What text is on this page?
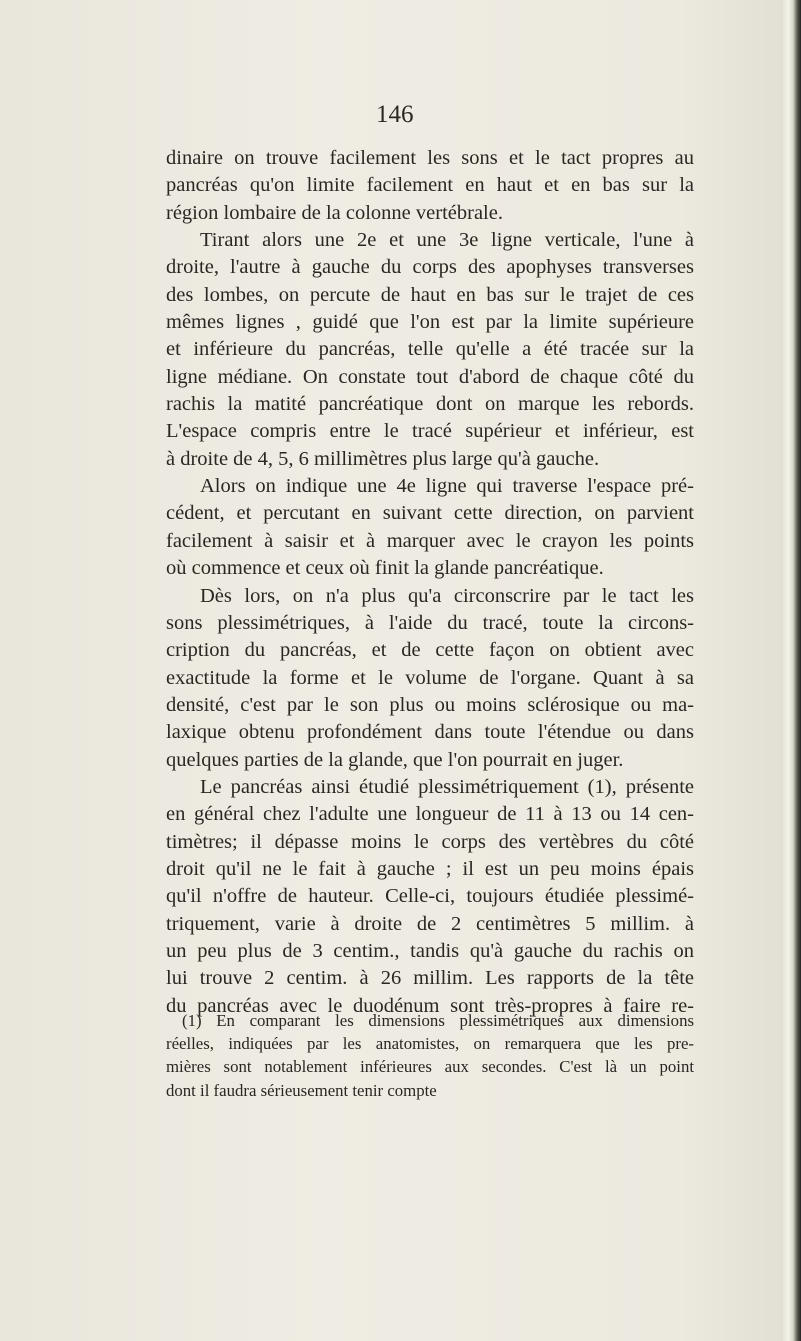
146
dinaire on trouve facilement les sons et le tact propres au
pancréas qu'on limite facilement en haut et en bas sur la
région lombaire de la colonne vertébrale.
Tirant alors une 2e et une 3e ligne verticale, l'une à
droite, l'autre à gauche du corps des apophyses transverses
des lombes, on percute de haut en bas sur le trajet de ces
mêmes lignes , guidé que l'on est par la limite supérieure
et inférieure du pancréas, telle qu'elle a été tracée sur la
ligne médiane. On constate tout d'abord de chaque côté du
rachis la matité pancréatique dont on marque les rebords.
L'espace compris entre le tracé supérieur et inférieur, est
à droite de 4, 5, 6 millimètres plus large qu'à gauche.
Alors on indique une 4e ligne qui traverse l'espace pré-
cédent, et percutant en suivant cette direction, on parvient
facilement à saisir et à marquer avec le crayon les points
où commence et ceux où finit la glande pancréatique.
Dès lors, on n'a plus qu'a circonscrire par le tact les
sons plessimétriques, à l'aide du tracé, toute la circons-
cription du pancréas, et de cette façon on obtient avec
exactitude la forme et le volume de l'organe. Quant à sa
densité, c'est par le son plus ou moins sclérosique ou ma-
laxique obtenu profondément dans toute l'étendue ou dans
quelques parties de la glande, que l'on pourrait en juger.
Le pancréas ainsi étudié plessimétriquement (1), présente
en général chez l'adulte une longueur de 11 à 13 ou 14 cen-
timètres; il dépasse moins le corps des vertèbres du côté
droit qu'il ne le fait à gauche ; il est un peu moins épais
qu'il n'offre de hauteur. Celle-ci, toujours étudiée plessimé-
triquement, varie à droite de 2 centimètres 5 millim. à
un peu plus de 3 centim., tandis qu'à gauche du rachis on
lui trouve 2 centim. à 26 millim. Les rapports de la tête
du pancréas avec le duodénum sont très-propres à faire re-
(1) En comparant les dimensions plessimétriques aux dimensions
réelles, indiquées par les anatomistes, on remarquera que les pre-
mières sont notablement inférieures aux secondes. C'est là un point
dont il faudra sérieusement tenir compte
